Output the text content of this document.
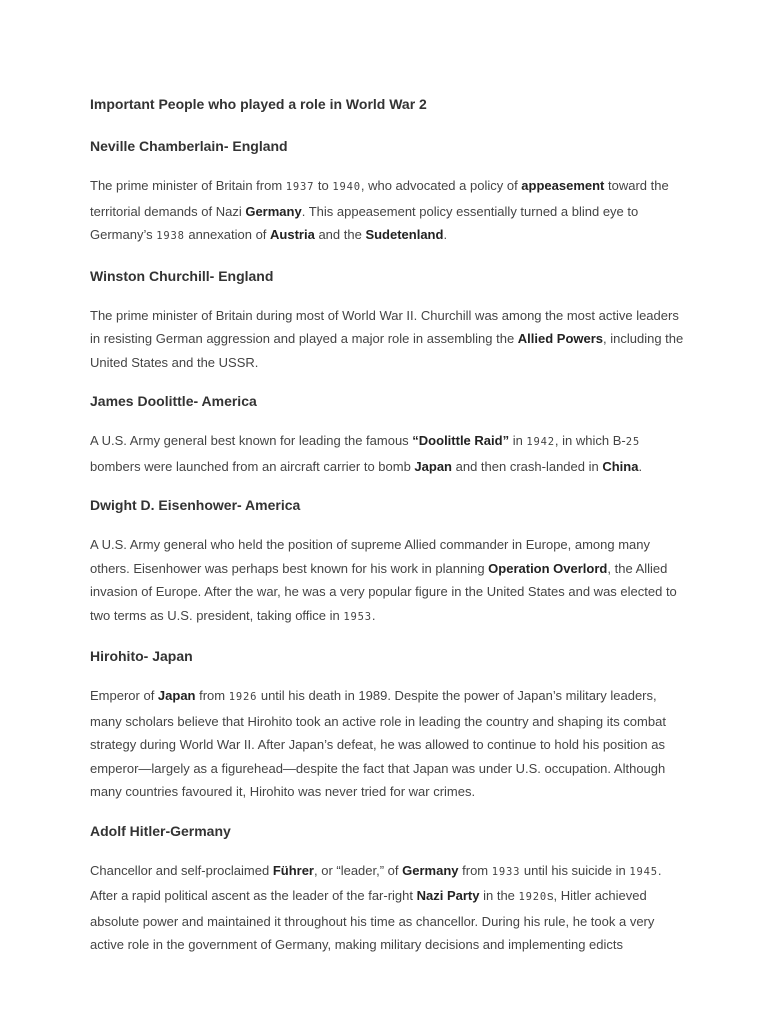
Important People who played a role in World War 2
Neville Chamberlain- England
The prime minister of Britain from 1937 to 1940, who advocated a policy of appeasement toward the territorial demands of Nazi Germany. This appeasement policy essentially turned a blind eye to Germany’s 1938 annexation of Austria and the Sudetenland.
Winston Churchill- England
The prime minister of Britain during most of World War II. Churchill was among the most active leaders in resisting German aggression and played a major role in assembling the Allied Powers, including the United States and the USSR.
James Doolittle- America
A U.S. Army general best known for leading the famous “Doolittle Raid” in 1942, in which B-25 bombers were launched from an aircraft carrier to bomb Japan and then crash-landed in China.
Dwight D. Eisenhower- America
A U.S. Army general who held the position of supreme Allied commander in Europe, among many others. Eisenhower was perhaps best known for his work in planning Operation Overlord, the Allied invasion of Europe. After the war, he was a very popular figure in the United States and was elected to two terms as U.S. president, taking office in 1953.
Hirohito- Japan
Emperor of Japan from 1926 until his death in 1989. Despite the power of Japan’s military leaders, many scholars believe that Hirohito took an active role in leading the country and shaping its combat strategy during World War II. After Japan’s defeat, he was allowed to continue to hold his position as emperor—largely as a figurehead—despite the fact that Japan was under U.S. occupation. Although many countries favoured it, Hirohito was never tried for war crimes.
Adolf Hitler-Germany
Chancellor and self-proclaimed Führer, or “leader,” of Germany from 1933 until his suicide in 1945. After a rapid political ascent as the leader of the far-right Nazi Party in the 1920s, Hitler achieved absolute power and maintained it throughout his time as chancellor. During his rule, he took a very active role in the government of Germany, making military decisions and implementing edicts
